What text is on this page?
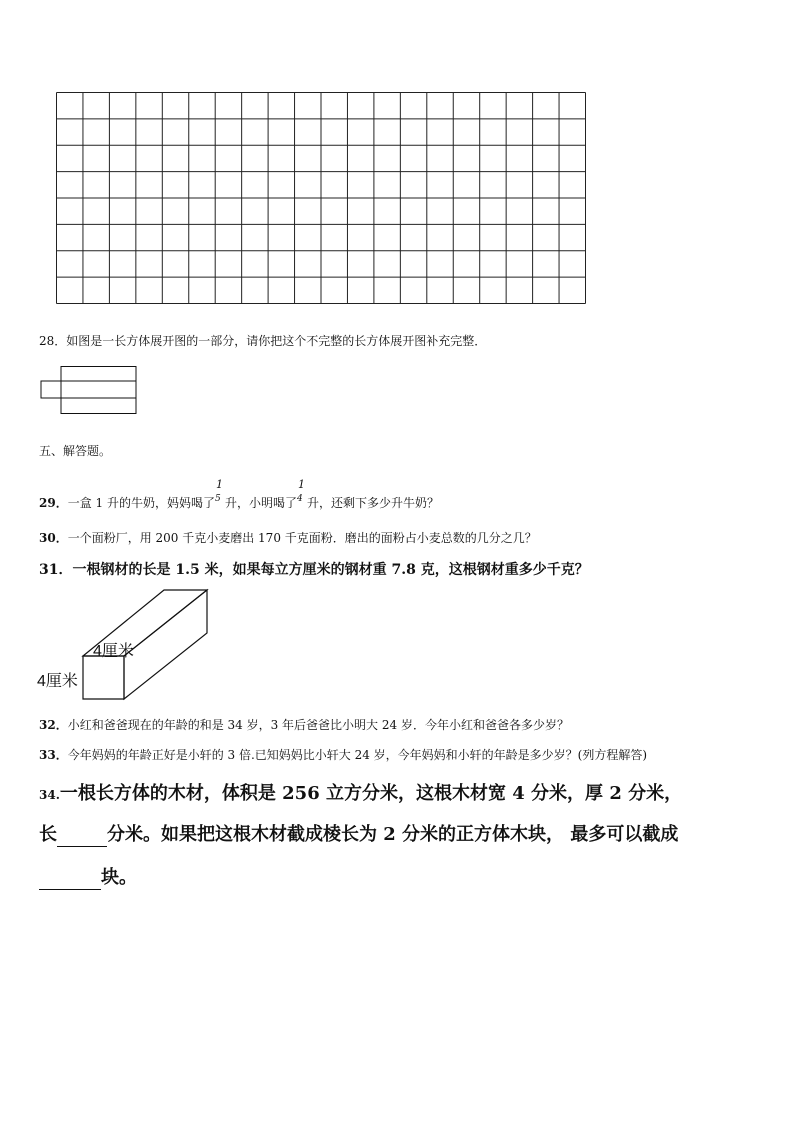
28．如图是一长方体展开图的一部分，请你把这个不完整的长方体展开图补充完整．
五、解答题。
29．一盒 1 升的牛奶，妈妈喝了
1
5 升，小明喝了
1
4 升，还剩下多少升牛奶？
30．一个面粉厂，用 200 千克小麦磨出 170 千克面粉．磨出的面粉占小麦总数的几分之几？
31．一根钢材的长是 1.5 米，如果每立方厘米的钢材重 7.8 克，这根钢材重多少千克？
4厘米
4厘米
32．小红和爸爸现在的年龄的和是 34 岁，3 年后爸爸比小明大 24 岁．今年小红和爸爸各多少岁？
33．今年妈妈的年龄正好是小轩的 3 倍.已知妈妈比小轩大 24 岁，今年妈妈和小轩的年龄是多少岁？(列方程解答)
34.一根长方体的木材，体积是 256 立方分米，这根木材宽 4 分米，厚 2 分米，
长	分米。如果把这根木材截成棱长为 2 分米的正方体木块， 最多可以截成
块。
